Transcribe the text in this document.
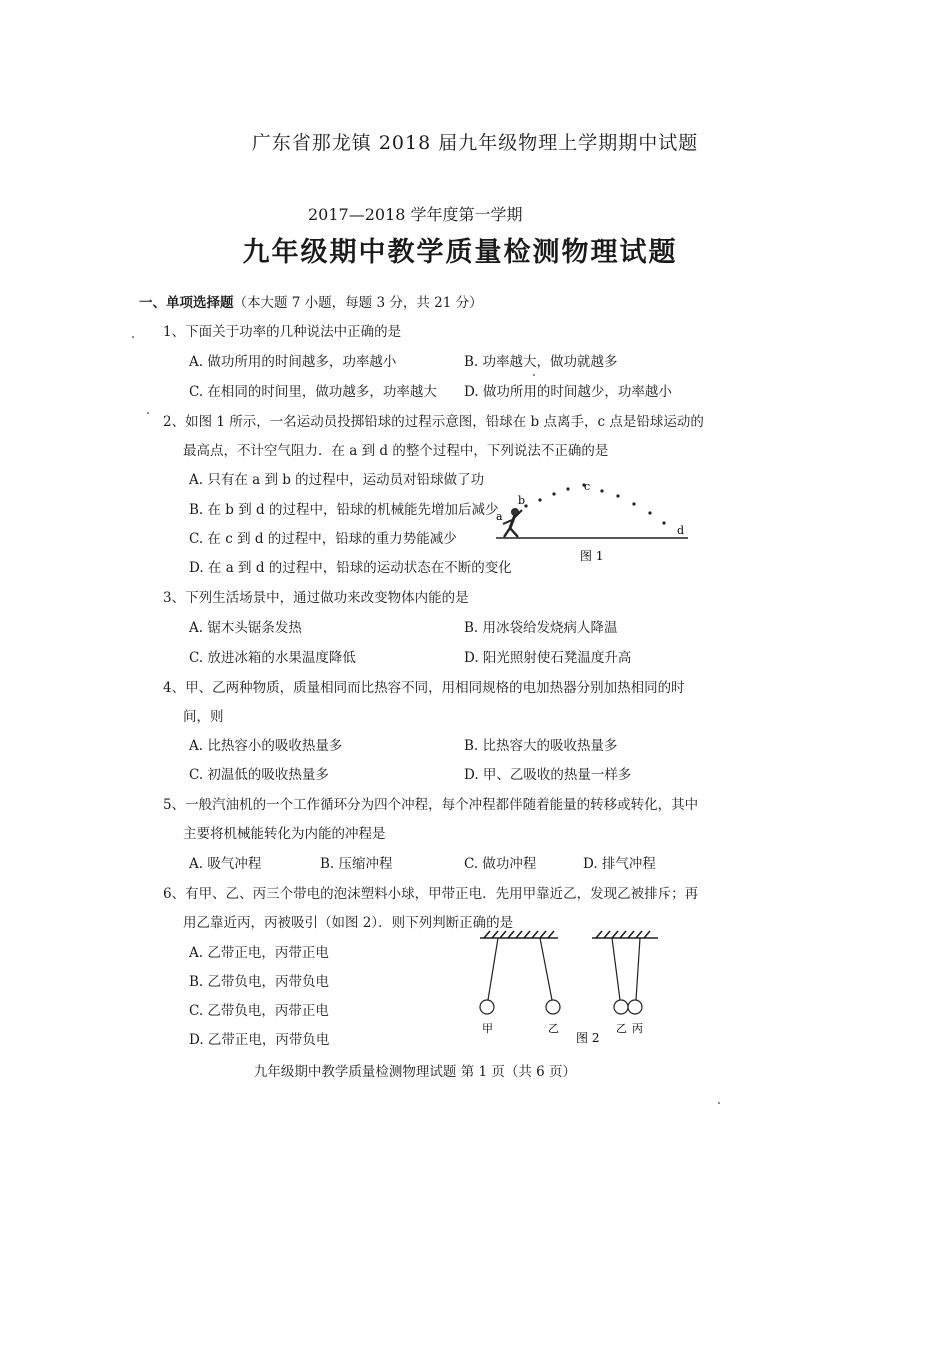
广东省那龙镇 2018 届九年级物理上学期期中试题
2017—2018 学年度第一学期
九年级期中教学质量检测物理试题
一、单项选择题（本大题 7 小题，每题 3 分，共 21 分）
1、下面关于功率的几种说法中正确的是
A. 做功所用的时间越多，功率越小	B. 功率越大，做功就越多
C. 在相同的时间里，做功越多，功率越大 D. 做功所用的时间越少，功率越小
2、如图 1 所示，一名运动员投掷铅球的过程示意图，铅球在 b 点离手，c 点是铅球运动的
最高点，不计空气阻力．在 a 到 d 的整个过程中，下列说法不正确的是
A. 只有在 a 到 b 的过程中，运动员对铅球做了功
B. 在 b 到 d 的过程中，铅球的机械能先增加后减少
C. 在 c 到 d 的过程中，铅球的重力势能减少
D. 在 a 到 d 的过程中，铅球的运动状态在不断的变化
a
b
c
d
图 1
3、下列生活场景中，通过做功来改变物体内能的是
A. 锯木头锯条发热	B. 用冰袋给发烧病人降温
C. 放进冰箱的水果温度降低	D. 阳光照射使石凳温度升高
4、甲、乙两种物质，质量相同而比热容不同，用相同规格的电加热器分别加热相同的时
间，则
A. 比热容小的吸收热量多	B. 比热容大的吸收热量多
C. 初温低的吸收热量多	D. 甲、乙吸收的热量一样多
5、一般汽油机的一个工作循环分为四个冲程，每个冲程都伴随着能量的转移或转化，其中
主要将机械能转化为内能的冲程是
A. 吸气冲程	B. 压缩冲程	C. 做功冲程	D. 排气冲程
6、有甲、乙、丙三个带电的泡沫塑料小球，甲带正电．先用甲靠近乙，发现乙被排斥；再
用乙靠近丙，丙被吸引（如图 2）．则下列判断正确的是
A. 乙带正电，丙带正电
B. 乙带负电，丙带负电
C. 乙带负电，丙带正电
D. 乙带正电，丙带负电
甲	乙	乙 丙
图 2
九年级期中教学质量检测物理试题 第 1 页（共 6 页）
